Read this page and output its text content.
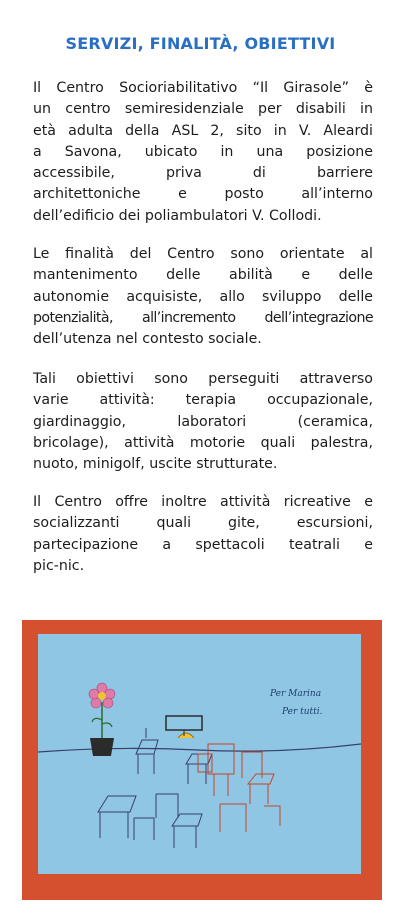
SERVIZI, FINALITÀ, OBIETTIVI

Il Centro Socioriabilitativo “Il Girasole” è
un centro semiresidenziale per disabili in
età adulta della ASL 2, sito in V. Aleardi
a Savona, ubicato in una posizione
accessibile, priva di barriere
architettoniche e posto all’interno
dell’edificio dei poliambulatori V. Collodi.

Le finalità del Centro sono orientate al
mantenimento delle abilità e delle
autonomie acquisiste, allo sviluppo delle
potenzialità, all’incremento dell’integrazione
dell’utenza nel contesto sociale.

Tali obiettivi sono perseguiti attraverso
varie attività: terapia occupazionale,
giardinaggio, laboratori (ceramica,
bricolage), attività motorie quali palestra,
nuoto, minigolf, uscite strutturate.

Il Centro offre inoltre attività ricreative e
socializzanti quali gite, escursioni,
partecipazione a spettacoli teatrali e
pic-nic.

Per Marina
Per tutti.
